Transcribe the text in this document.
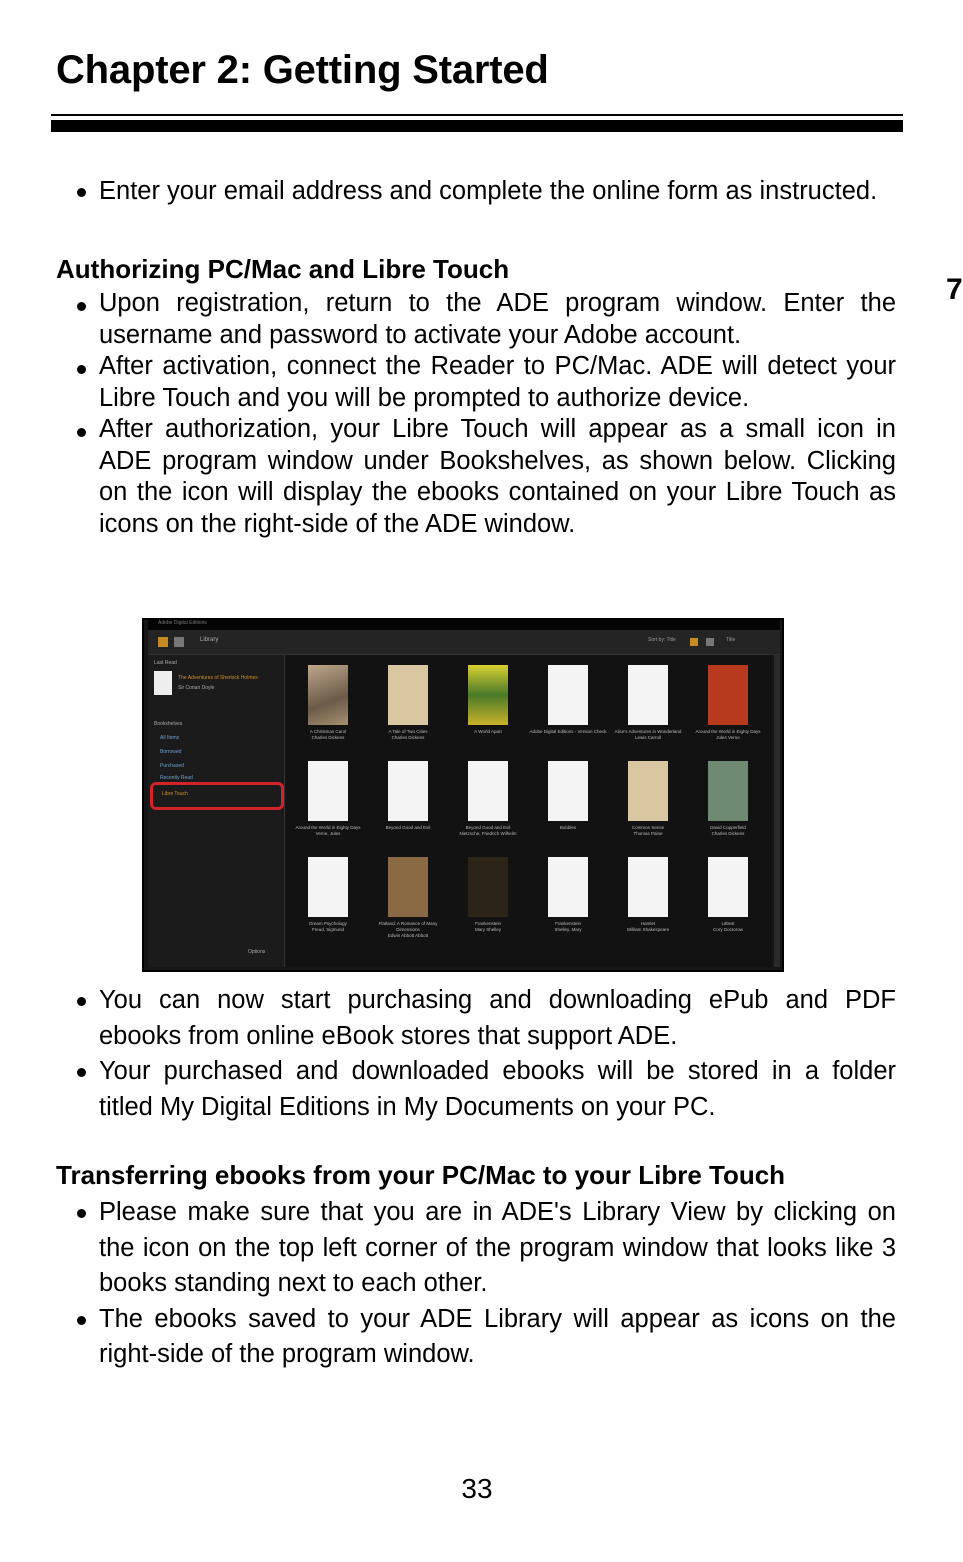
Chapter 2: Getting Started
7
Enter your email address and complete the online form as instructed.
Authorizing PC/Mac and Libre Touch
Upon registration, return to the ADE program window. Enter the username and password to activate your Adobe account.
After activation, connect the Reader to PC/Mac. ADE will detect your Libre Touch and you will be prompted to authorize device.
After authorization, your Libre Touch will appear as a small icon in ADE program window under Bookshelves, as shown below. Clicking on the icon will display the ebooks contained on your Libre Touch as icons on the right-side of the ADE window.
Adobe Digital Editions
Library	Sort by: Title	Title
Last Read
The Adventures of Sherlock Holmes
Sir Conan Doyle
Bookshelves
All Items
Borrowed
Purchased
Recently Read
Libre Touch
Options
A Christmas Carol
Charles Dickens
A Tale of Two Cities
Charles Dickens
A World Apart	Adobe Digital Editions - Version Check	Alice's Adventures in Wonderland
Lewis Carroll
Around the World in Eighty Days
Jules Verne
Around the World in Eighty Days
Verne, Jules
Beyond Good and Evil	Beyond Good and Evil
Nietzsche, Friedrich Wilhelm
Bubbles	Common Sense
Thomas Paine
David Copperfield
Charles Dickens
Dream Psychology
Freud, Sigmund
Flatland: A Romance of Many Dimensions
Edwin Abbott Abbott
Frankenstein
Mary Shelley
Frankenstein
Shelley, Mary
Hamlet
William Shakespeare
Littlest
Cory Doctorow
You can now start purchasing and downloading ePub and PDF ebooks from online eBook stores that support ADE.
Your purchased and downloaded ebooks will be stored in a folder titled My Digital Editions in My Documents on your PC.
Transferring ebooks from your PC/Mac to your Libre Touch
Please make sure that you are in ADE's Library View by clicking on the icon on the top left corner of the program window that looks like 3 books standing next to each other.
The ebooks saved to your ADE Library will appear as icons on the right-side of the program window.
33
